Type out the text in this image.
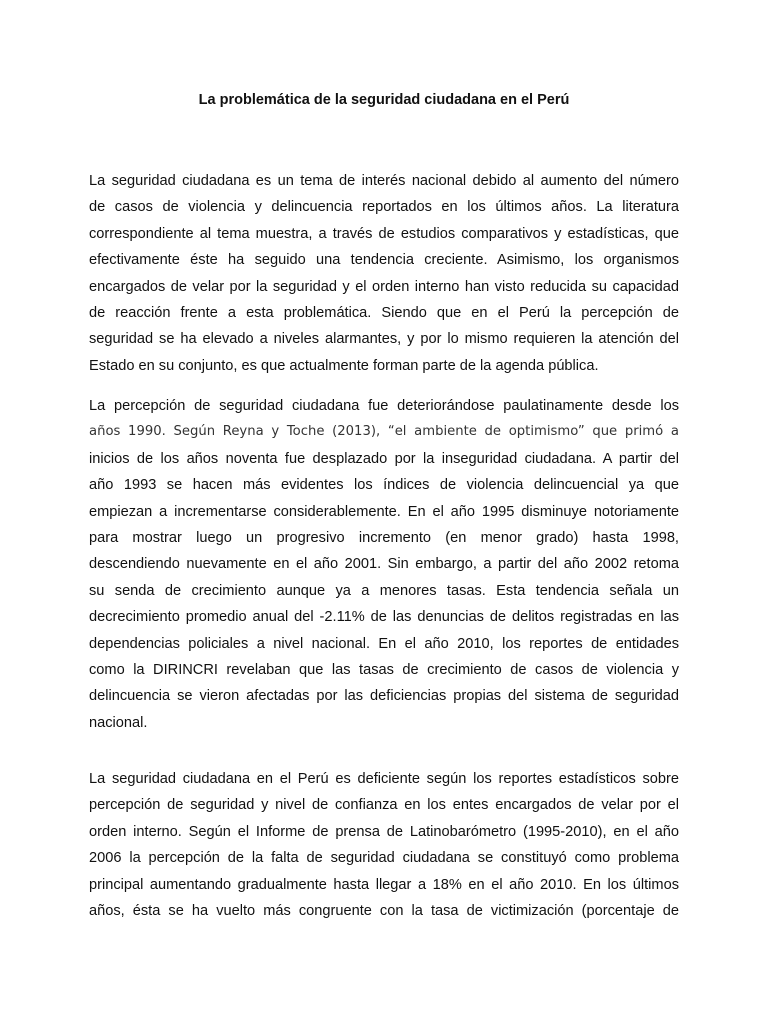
La problemática de la seguridad ciudadana en el Perú
La seguridad ciudadana es un tema de interés nacional debido al aumento del número
de casos de violencia y delincuencia reportados en los últimos años. La literatura
correspondiente al tema muestra, a través de estudios comparativos y estadísticas, que
efectivamente éste ha seguido una tendencia creciente. Asimismo, los organismos
encargados de velar por la seguridad y el orden interno han visto reducida su capacidad
de reacción frente a esta problemática. Siendo que en el Perú la percepción de
seguridad se ha elevado a niveles alarmantes, y por lo mismo requieren la atención del
Estado en su conjunto, es que actualmente forman parte de la agenda pública.
La percepción de seguridad ciudadana fue deteriorándose paulatinamente desde los
años 1990. Según Reyna y Toche (2013), “el ambiente de optimismo” que primó a
inicios de los años noventa fue desplazado por la inseguridad ciudadana. A partir del
año 1993 se hacen más evidentes los índices de violencia delincuencial ya que
empiezan a incrementarse considerablemente. En el año 1995 disminuye notoriamente
para mostrar luego un progresivo incremento (en menor grado) hasta 1998,
descendiendo nuevamente en el año 2001. Sin embargo, a partir del año 2002 retoma
su senda de crecimiento aunque ya a menores tasas. Esta tendencia señala un
decrecimiento promedio anual del -2.11% de las denuncias de delitos registradas en las
dependencias policiales a nivel nacional. En el año 2010, los reportes de entidades
como la DIRINCRI revelaban que las tasas de crecimiento de casos de violencia y
delincuencia se vieron afectadas por las deficiencias propias del sistema de seguridad
nacional.
La seguridad ciudadana en el Perú es deficiente según los reportes estadísticos sobre
percepción de seguridad y nivel de confianza en los entes encargados de velar por el
orden interno. Según el Informe de prensa de Latinobarómetro (1995-2010), en el año
2006 la percepción de la falta de seguridad ciudadana se constituyó como problema
principal aumentando gradualmente hasta llegar a 18% en el año 2010. En los últimos
años, ésta se ha vuelto más congruente con la tasa de victimización (porcentaje de
